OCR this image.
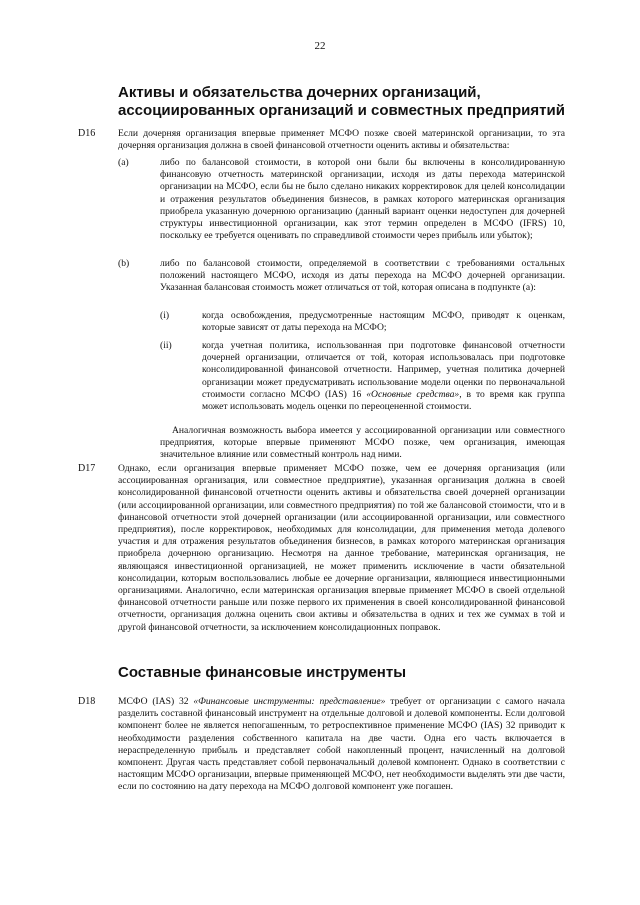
22
Активы и обязательства дочерних организаций, ассоциированных организаций и совместных предприятий
D16 Если дочерняя организация впервые применяет МСФО позже своей материнской организации, то эта дочерняя организация должна в своей финансовой отчетности оценить активы и обязательства:
(a)	либо по балансовой стоимости, в которой они были бы включены в консолидированную финансовую отчетность материнской организации, исходя из даты перехода материнской организации на МСФО, если бы не было сделано никаких корректировок для целей консолидации и отражения результатов объединения бизнесов, в рамках которого материнская организация приобрела указанную дочернюю организацию (данный вариант оценки недоступен для дочерней структуры инвестиционной организации, как этот термин определен в МСФО (IFRS) 10, поскольку ее требуется оценивать по справедливой стоимости через прибыль или убыток);
(b)	либо по балансовой стоимости, определяемой в соответствии с требованиями остальных положений настоящего МСФО, исходя из даты перехода на МСФО дочерней организации. Указанная балансовая стоимость может отличаться от той, которая описана в подпункте (a):
(i)	когда освобождения, предусмотренные настоящим МСФО, приводят к оценкам, которые зависят от даты перехода на МСФО;
(ii)	когда учетная политика, использованная при подготовке финансовой отчетности дочерней организации, отличается от той, которая использовалась при подготовке консолидированной финансовой отчетности. Например, учетная политика дочерней организации может предусматривать использование модели оценки по первоначальной стоимости согласно МСФО (IAS) 16 «Основные средства», в то время как группа может использовать модель оценки по переоцененной стоимости.
Аналогичная возможность выбора имеется у ассоциированной организации или совместного предприятия, которые впервые применяют МСФО позже, чем организация, имеющая значительное влияние или совместный контроль над ними.
D17 Однако, если организация впервые применяет МСФО позже, чем ее дочерняя организация (или ассоциированная организация, или совместное предприятие), указанная организация должна в своей консолидированной финансовой отчетности оценить активы и обязательства своей дочерней организации (или ассоциированной организации, или совместного предприятия) по той же балансовой стоимости, что и в финансовой отчетности этой дочерней организации (или ассоциированной организации, или совместного предприятия), после корректировок, необходимых для консолидации, для применения метода долевого участия и для отражения результатов объединения бизнесов, в рамках которого материнская организация приобрела дочернюю организацию. Несмотря на данное требование, материнская организация, не являющаяся инвестиционной организацией, не может применить исключение в части обязательной консолидации, которым воспользовались любые ее дочерние организации, являющиеся инвестиционными организациями. Аналогично, если материнская организация впервые применяет МСФО в своей отдельной финансовой отчетности раньше или позже первого их применения в своей консолидированной финансовой отчетности, организация должна оценить свои активы и обязательства в одних и тех же суммах в той и другой финансовой отчетности, за исключением консолидационных поправок.
Составные финансовые инструменты
D18 МСФО (IAS) 32 «Финансовые инструменты: представление» требует от организации с самого начала разделить составной финансовый инструмент на отдельные долговой и долевой компоненты. Если долговой компонент более не является непогашенным, то ретроспективное применение МСФО (IAS) 32 приводит к необходимости разделения собственного капитала на две части. Одна его часть включается в нераспределенную прибыль и представляет собой накопленный процент, начисленный на долговой компонент. Другая часть представляет собой первоначальный долевой компонент. Однако в соответствии с настоящим МСФО организации, впервые применяющей МСФО, нет необходимости выделять эти две части, если по состоянию на дату перехода на МСФО долговой компонент уже погашен.
